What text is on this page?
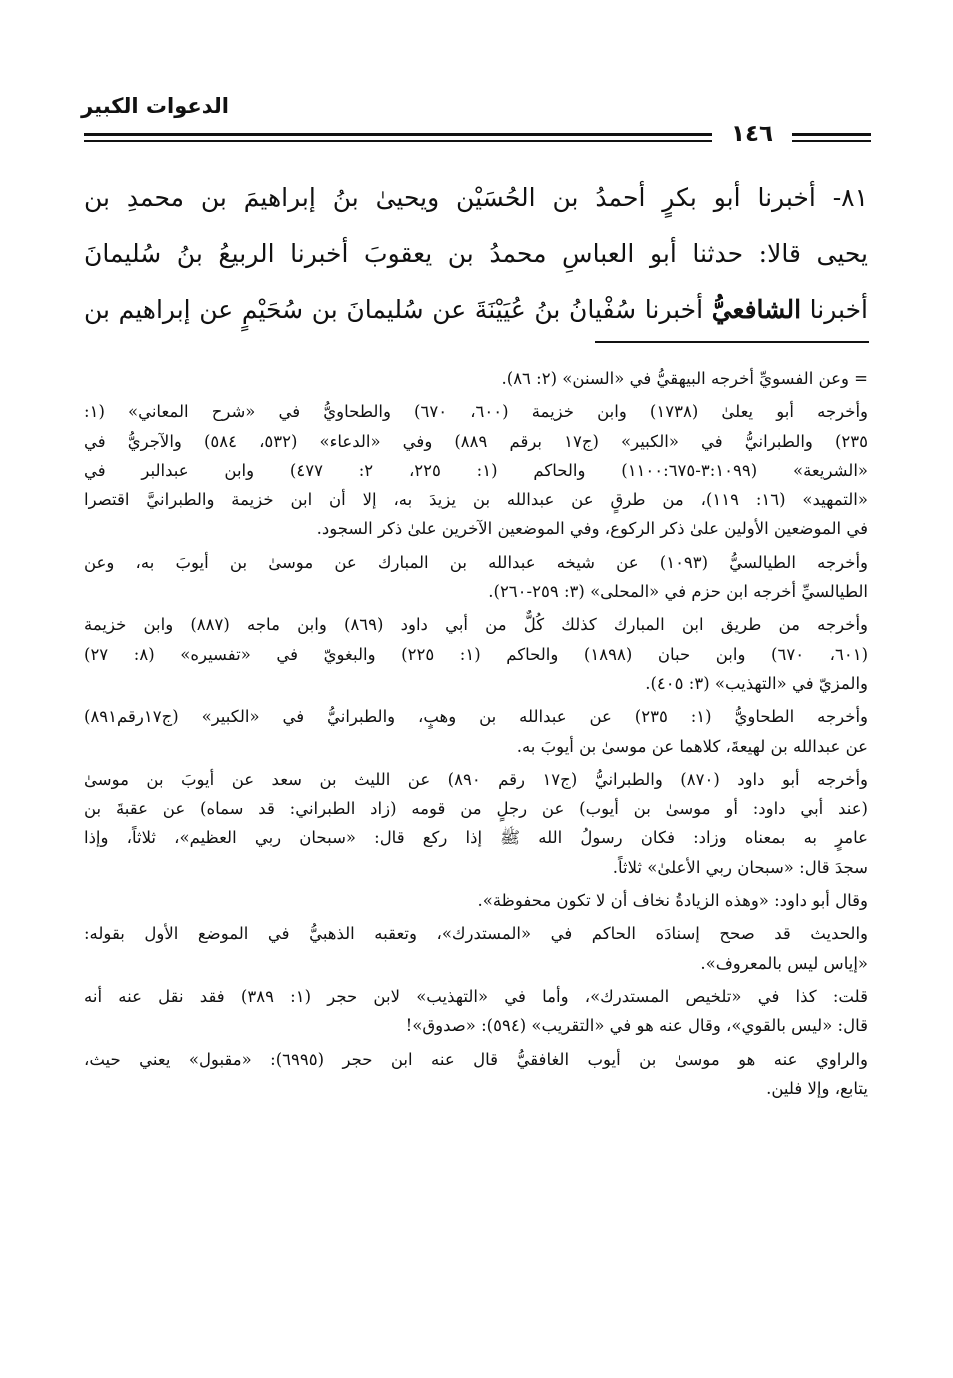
الدعوات الكبير
١٤٦
٨١- أخبرنا أبو بكرٍ أحمدُ بن الحُسَيْن ويحيىٰ بنُ إبراهيمَ بن محمدِ بن
يحيى قالا: حدثنا أبو العباسِ محمدُ بن يعقوبَ أخبرنا الربيعُ بنُ سُليمانَ
أخبرنا الشافعيُّ أخبرنا سُفْيانُ بنُ عُيَيْنَةَ عن سُليمانَ بن سُحَيْمٍ عن إبراهيم بن
= وعن الفسويِّ أخرجه البيهقيُّ في «السنن» (٢: ٨٦).
وأخرجه أبو يعلىٰ (١٧٣٨) وابن خزيمة (٦٠٠، ٦٧٠) والطحاويُّ في «شرح المعاني» (١:
٢٣٥) والطبرانيُّ في «الكبير» (ج١٧ برقم ٨٨٩) وفي «الدعاء» (٥٣٢، ٥٨٤) والآجريُّ في
«الشريعة» (٣:١٠٩٩-١١٠٠:٦٧٥) والحاكم (١: ٢٢٥، ٢: ٤٧٧) وابن عبدالبر في
«التمهيد» (١٦: ١١٩)، من طرقٍ عن عبدالله بن يزيدَ به، إلا أن ابن خزيمة والطبرانيَّ اقتصرا
في الموضعين الأولين علىٰ ذكر الركوع، وفي الموضعين الآخرين علىٰ ذكر السجود.
وأخرجه الطيالسيُّ (١٠٩٣) عن شيخه عبدالله بن المبارك عن موسىٰ بن أيوبَ به، وعن
الطيالسيِّ أخرجه ابن حزم في «المحلى» (٣: ٢٥٩-٢٦٠).
وأخرجه من طريق ابن المبارك كذلك كُلٌّ من أبي داود (٨٦٩) وابن ماجه (٨٨٧) وابن خزيمة
(٦٠١، ٦٧٠) وابن حبان (١٨٩٨) والحاكم (١: ٢٢٥) والبغويّ في «تفسيره» (٨: ٢٧)
والمزيّ في «التهذيب» (٣: ٤٠٥).
وأخرجه الطحاويُّ (١: ٢٣٥) عن عبدالله بن وهبٍ، والطبرانيُّ في «الكبير» (ج١٧رقم٨٩١)
عن عبدالله بن لهيعةَ، كلاهما عن موسىٰ بن أيوبَ به.
وأخرجه أبو داود (٨٧٠) والطبرانيُّ (ج١٧ رقم ٨٩٠) عن الليث بن سعد عن أيوبَ بن موسىٰ
(عند أبي داود: أو موسىٰ بن أيوب) عن رجلٍ من قومه (زاد الطبراني: قد سماه) عن عقبةَ بن
عامرٍ به بمعناه وزاد: فكان رسولُ الله ﷺ إذا ركع قال: «سبحان ربي العظيم»، ثلاثاً، وإذا
سجدَ قال: «سبحان ربي الأعلىٰ» ثلاثاً.
وقال أبو داود: «وهذه الزيادةُ نخاف أن لا تكون محفوظة».
والحديث قد صحح إسنادَه الحاكم في «المستدرك»، وتعقبه الذهبيُّ في الموضع الأول بقوله:
«إياس ليس بالمعروف».
قلت: كذا في «تلخيص المستدرك»، وأما في «التهذيب» لابن حجر (١: ٣٨٩) فقد نقل عنه أنه
قال: «ليس بالقوي»، وقال عنه هو في «التقريب» (٥٩٤): «صدوق»!
والراوي عنه هو موسىٰ بن أيوب الغافقيُّ قال عنه ابن حجر (٦٩٩٥): «مقبول» يعني حيث،
يتابع، وإلا فلين.
